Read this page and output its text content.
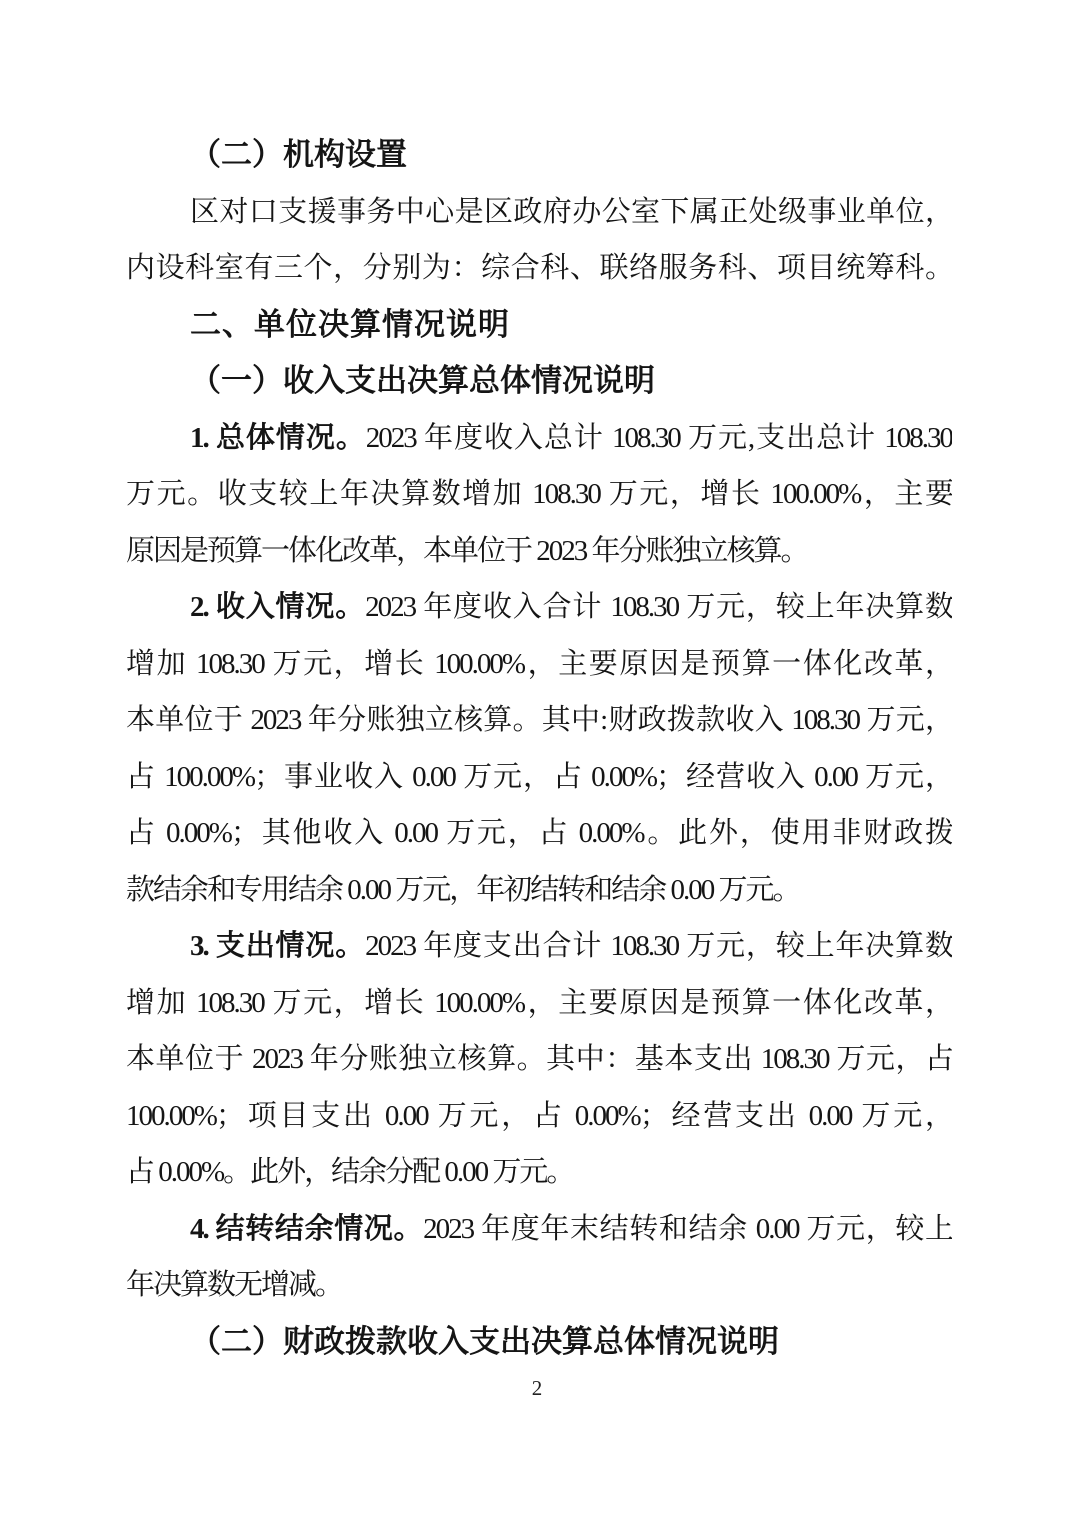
（二）机构设置
区对口支援事务中心是区政府办公室下属正处级事业单位，
内设科室有三个，分别为：综合科、联络服务科、项目统筹科。
二、单位决算情况说明
（一）收入支出决算总体情况说明
1. 总体情况。2023 年度收入总计 108.30 万元,支出总计 108.30
万元。收支较上年决算数增加 108.30 万元，增长 100.00%，主要
原因是预算一体化改革，本单位于 2023 年分账独立核算。
2. 收入情况。2023 年度收入合计 108.30 万元，较上年决算数
增加 108.30 万元，增长 100.00%，主要原因是预算一体化改革，
本单位于 2023 年分账独立核算。其中:财政拨款收入 108.30 万元，
占 100.00%；事业收入 0.00 万元，占 0.00%；经营收入 0.00 万元，
占 0.00%；其他收入 0.00 万元，占 0.00%。此外，使用非财政拨
款结余和专用结余 0.00 万元，年初结转和结余 0.00 万元。
3. 支出情况。2023 年度支出合计 108.30 万元，较上年决算数
增加 108.30 万元，增长 100.00%，主要原因是预算一体化改革，
本单位于 2023 年分账独立核算。其中：基本支出 108.30 万元，占
100.00%；项目支出 0.00 万元，占 0.00%；经营支出 0.00 万元，
占 0.00%。此外，结余分配 0.00 万元。
4. 结转结余情况。2023 年度年末结转和结余 0.00 万元，较上
年决算数无增减。
（二）财政拨款收入支出决算总体情况说明
2
